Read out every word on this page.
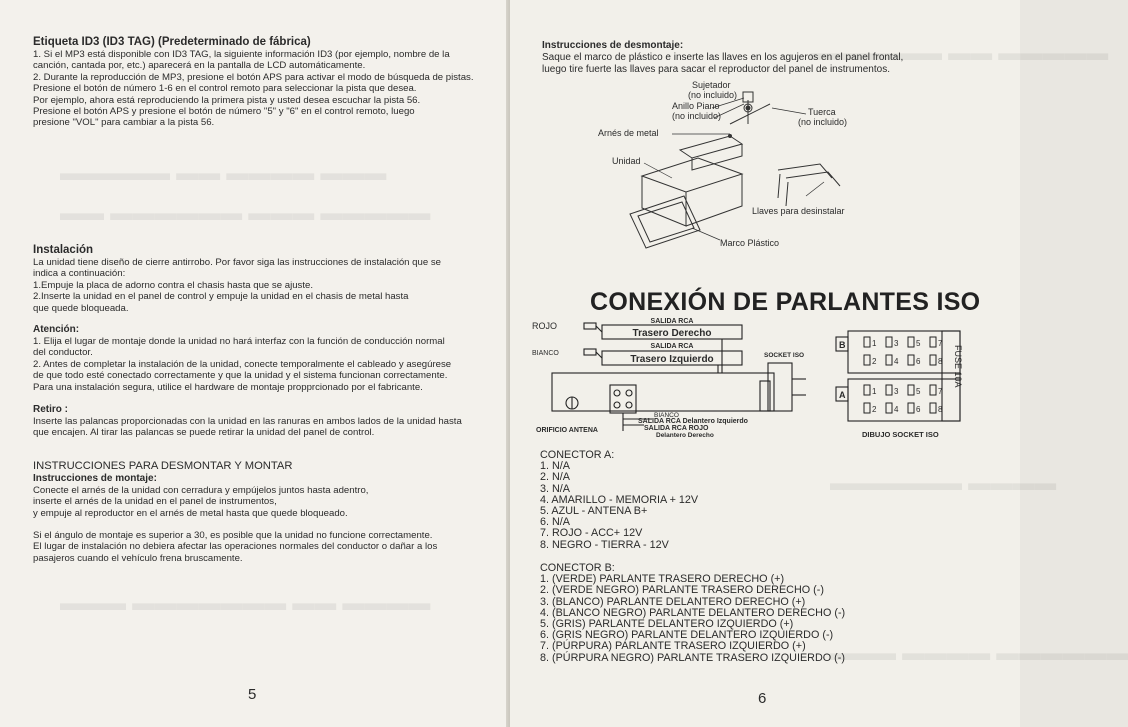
▬▬▬ ▬▬▬▬ ▬▬ ▬▬▬▬▬
▬▬▬▬▬ ▬▬▬ ▬▬▬▬▬▬ ▬▬
▬▬▬▬ ▬▬ ▬▬▬▬▬▬▬ ▬▬▬
Etiqueta ID3 (ID3 TAG) (Predeterminado de fábrica)
1. Si el MP3 está disponible con ID3 TAG, la siguiente información ID3 (por ejemplo, nombre de la
canción, cantada por, etc.) aparecerá en la pantalla de LCD automáticamente.
2. Durante la reproducción de MP3, presione el botón APS para activar el modo de búsqueda de pistas.
Presione el botón de número 1-6 en el control remoto para seleccionar la pista que desea.
Por ejemplo, ahora está reproduciendo la primera pista y usted desea escuchar la pista 56.
Presione el botón APS y presione el botón de número "5" y "6" en el control remoto, luego
presione "VOL" para cambiar a la pista 56.
Instalación
La unidad tiene diseño de cierre antirrobo. Por favor siga las instrucciones de instalación que se
indica a continuación:
1.Empuje la placa de adorno contra el chasis hasta que se ajuste.
2.Inserte la unidad en el panel de control y empuje la unidad en el chasis de metal hasta
que quede bloqueada.
Atención:
1. Elija el lugar de montaje donde la unidad no hará interfaz con la función de conducción normal
del conductor.
2. Antes de completar la instalación de la unidad, conecte temporalmente el cableado y asegúrese
de que todo esté conectado correctamente y que la unidad y el sistema funcionan correctamente.
Para una instalación segura, utilice el hardware de montaje propprcionado por el fabricante.
Retiro :
Inserte las palancas proporcionadas con la unidad en las ranuras en ambos lados de la unidad hasta
que encajen. Al tirar las palancas se puede retirar la unidad del panel de control.
INSTRUCCIONES PARA DESMONTAR Y MONTAR
Instrucciones de montaje:
Conecte el arnés de la unidad con cerradura y empújelos juntos hasta adentro,
inserte el arnés de la unidad en el panel de instrumentos,
y empuje al reproductor en el arnés de metal hasta que quede bloqueado.
Si el ángulo de montaje es superior a 30, es posible que la unidad no funcione correctamente.
El lugar de instalación no debiera afectar las operaciones normales del conductor o dañar a los
pasajeros cuando el vehículo frena bruscamente.
5
▬▬▬▬▬ ▬▬ ▬▬▬▬▬▬
▬▬▬▬ ▬▬▬▬▬▬
▬▬▬▬▬▬ ▬▬▬▬ ▬▬▬
Instrucciones de desmontaje:
Saque el marco de plástico e inserte las llaves en los agujeros en el panel frontal,
luego tire fuerte las llaves para sacar el reproductor del panel de instrumentos.
Sujetador
(no incluido)
Anillo Piano
(no incluido)	Tuerca
(no incluido)
Arnés de metal
Unidad
Llaves para desinstalar
Marco Plástico
CONEXIÓN DE PARLANTES ISO
ROJO
BIANCO
SALIDA RCA
Trasero Derecho
SALIDA RCA
Trasero Izquierdo	SOCKET ISO
BIANCO
SALIDA RCA Delantero Izquierdo
SALIDA RCA ROJO
Delantero Derecho
ORIFICIO ANTENA	DIBUJO SOCKET ISO
B
A
FUSE 10A
1 3 5 7
2 4 6 8
1 3 5 7
2 4 6 8
CONECTOR A:
1. N/A
2. N/A
3. N/A
4. AMARILLO - MEMORIA + 12V
5. AZUL - ANTENA B+
6. N/A
7. ROJO - ACC+ 12V
8. NEGRO - TIERRA - 12V
CONECTOR B:
1. (VERDE) PARLANTE TRASERO DERECHO (+)
2. (VERDE NEGRO) PARLANTE TRASERO DERECHO (-)
3. (BLANCO) PARLANTE DELANTERO DERECHO (+)
4. (BLANCO NEGRO) PARLANTE DELANTERO DERECHO (-)
5. (GRIS) PARLANTE DELANTERO IZQUIERDO (+)
6. (GRIS NEGRO) PARLANTE DELANTERO IZQUIERDO (-)
7. (PÚRPURA) PARLANTE TRASERO IZQUIERDO (+)
8. (PÚRPURA NEGRO) PARLANTE TRASERO IZQUIERDO (-)
6
